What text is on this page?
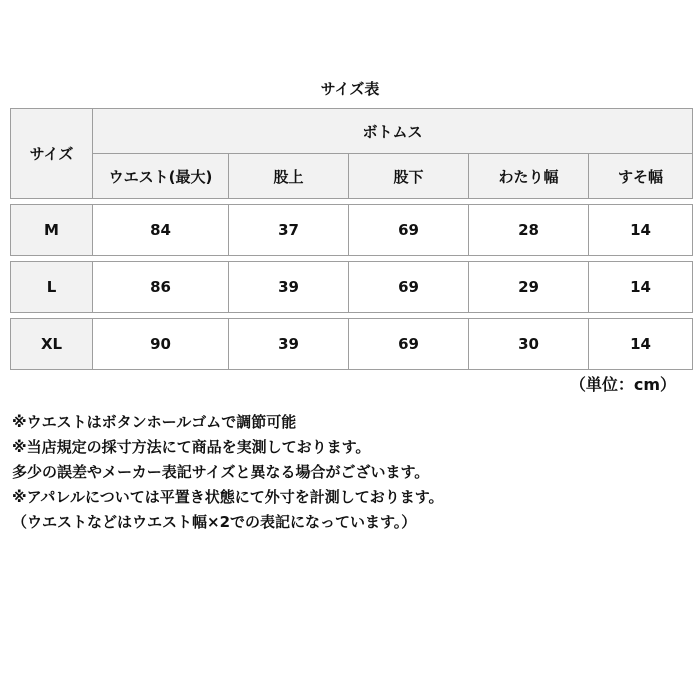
サイズ表
サイズ	ボトムス				
	ウエスト(最大)	股上	股下	わたり幅	すそ幅

M	84	37	69	28	14

L	86	39	69	29	14

XL	90	39	69	30	14
（単位：cm）
※ウエストはボタンホールゴムで調節可能
※当店規定の採寸方法にて商品を実測しております。
多少の誤差やメーカー表記サイズと異なる場合がございます。
※アパレルについては平置き状態にて外寸を計測しております。
（ウエストなどはウエスト幅×2での表記になっています。）
